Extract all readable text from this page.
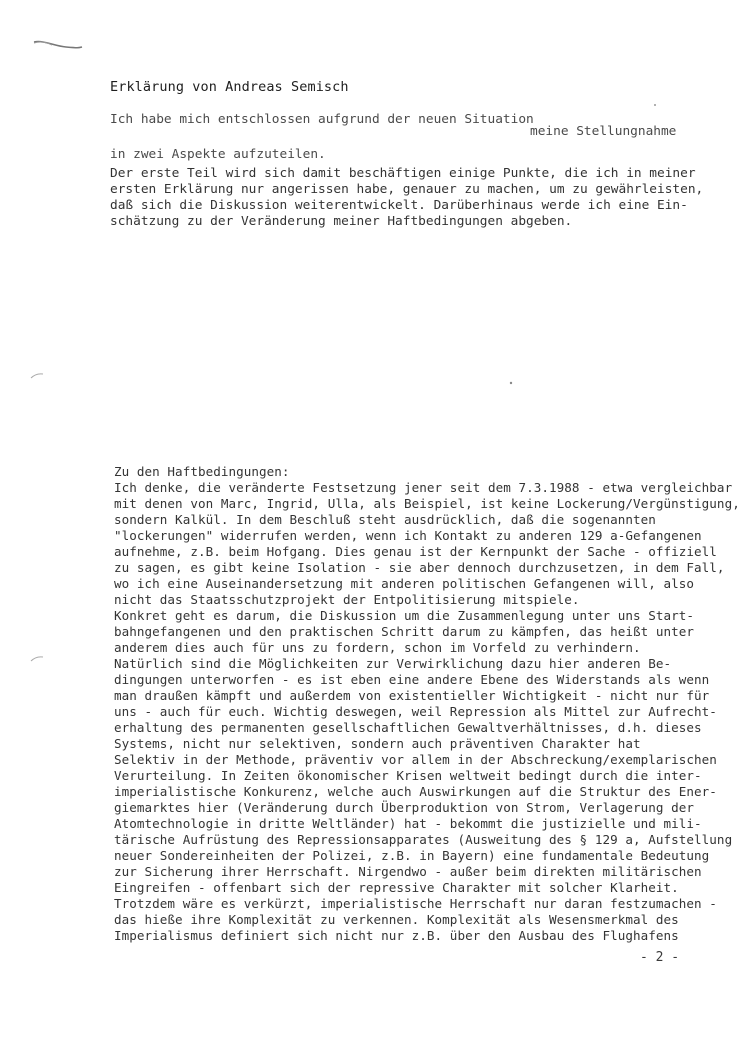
Erklärung von Andreas Semisch
Ich habe mich entschlossen aufgrund der neuen Situation
meine Stellungnahme
in zwei Aspekte aufzuteilen.
Der erste Teil wird sich damit beschäftigen einige Punkte, die ich in meiner
ersten Erklärung nur angerissen habe, genauer zu machen, um zu gewährleisten,
daß sich die Diskussion weiterentwickelt. Darüberhinaus werde ich eine Ein-
schätzung zu der Veränderung meiner Haftbedingungen abgeben.
Zu den Haftbedingungen:
Ich denke, die veränderte Festsetzung jener seit dem 7.3.1988 - etwa vergleichbar
mit denen von Marc, Ingrid, Ulla, als Beispiel, ist keine Lockerung/Vergünstigung,
sondern Kalkül. In dem Beschluß steht ausdrücklich, daß die sogenannten
"lockerungen" widerrufen werden, wenn ich Kontakt zu anderen 129 a-Gefangenen
aufnehme, z.B. beim Hofgang. Dies genau ist der Kernpunkt der Sache - offiziell
zu sagen, es gibt keine Isolation - sie aber dennoch durchzusetzen, in dem Fall,
wo ich eine Auseinandersetzung mit anderen politischen Gefangenen will, also
nicht das Staatsschutzprojekt der Entpolitisierung mitspiele.
Konkret geht es darum, die Diskussion um die Zusammenlegung unter uns Start-
bahngefangenen und den praktischen Schritt darum zu kämpfen, das heißt unter
anderem dies auch für uns zu fordern, schon im Vorfeld zu verhindern.
Natürlich sind die Möglichkeiten zur Verwirklichung dazu hier anderen Be-
dingungen unterworfen - es ist eben eine andere Ebene des Widerstands als wenn
man draußen kämpft und außerdem von existentieller Wichtigkeit - nicht nur für
uns - auch für euch. Wichtig deswegen, weil Repression als Mittel zur Aufrecht-
erhaltung des permanenten gesellschaftlichen Gewaltverhältnisses, d.h. dieses
Systems, nicht nur selektiven, sondern auch präventiven Charakter hat
Selektiv in der Methode, präventiv vor allem in der Abschreckung/exemplarischen
Verurteilung. In Zeiten ökonomischer Krisen weltweit bedingt durch die inter-
imperialistische Konkurenz, welche auch Auswirkungen auf die Struktur des Ener-
giemarktes hier (Veränderung durch Überproduktion von Strom, Verlagerung der
Atomtechnologie in dritte Weltländer) hat - bekommt die justizielle und mili-
tärische Aufrüstung des Repressionsapparates (Ausweitung des § 129 a, Aufstellung
neuer Sondereinheiten der Polizei, z.B. in Bayern) eine fundamentale Bedeutung
zur Sicherung ihrer Herrschaft. Nirgendwo - außer beim direkten militärischen
Eingreifen - offenbart sich der repressive Charakter mit solcher Klarheit.
Trotzdem wäre es verkürzt, imperialistische Herrschaft nur daran festzumachen -
das hieße ihre Komplexität zu verkennen. Komplexität als Wesensmerkmal des
Imperialismus definiert sich nicht nur z.B. über den Ausbau des Flughafens
- 2 -
